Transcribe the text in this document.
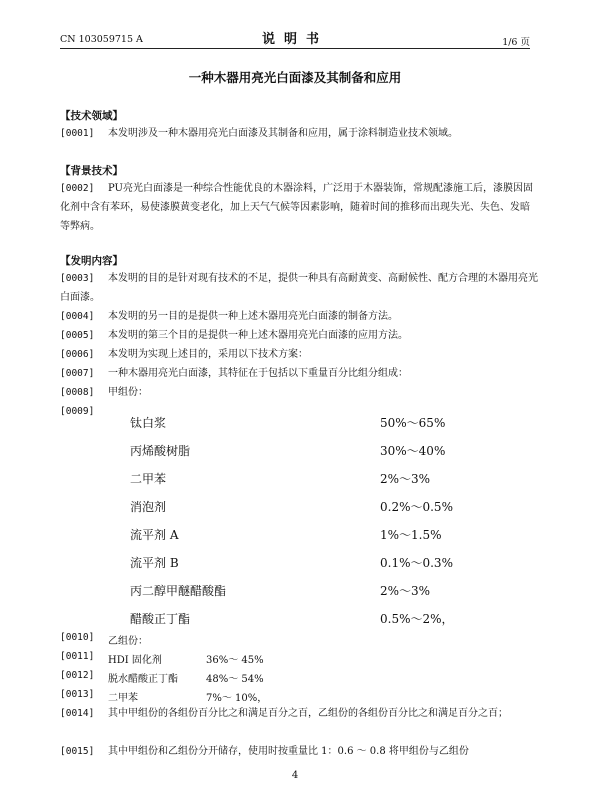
CN 103059715 A	说明书	1/6 页
一种木器用亮光白面漆及其制备和应用
【技术领域】
[0001]	本发明涉及一种木器用亮光白面漆及其制备和应用，属于涂料制造业技术领域。
【背景技术】
[0002]	PU亮光白面漆是一种综合性能优良的木器涂料，广泛用于木器装饰，常规配漆施工后，漆膜因固化剂中含有苯环，易使漆膜黄变老化，加上天气气候等因素影响，随着时间的推移而出现失光、失色、发暗等弊病。
【发明内容】
[0003]	本发明的目的是针对现有技术的不足，提供一种具有高耐黄变、高耐候性、配方合理的木器用亮光白面漆。
[0004]	本发明的另一目的是提供一种上述木器用亮光白面漆的制备方法。
[0005]	本发明的第三个目的是提供一种上述木器用亮光白面漆的应用方法。
[0006]	本发明为实现上述目的，采用以下技术方案：
[0007]	一种木器用亮光白面漆，其特征在于包括以下重量百分比组分组成：
[0008]	甲组份：
[0009]
钛白浆	50%～65%
丙烯酸树脂	30%～40%
二甲苯	2%～3%
消泡剂	0.2%～0.5%
流平剂 A	1%～1.5%
流平剂 B	0.1%～0.3%
丙二醇甲醚醋酸酯	2%～3%
醋酸正丁酯	0.5%～2%，
[0010] 乙组份：
[0011] HDI 固化剂	36%～ 45%
[0012] 脱水醋酸正丁酯	48%～ 54%
[0013] 二甲苯	7%～ 10%，
[0014]	其中甲组份的各组份百分比之和满足百分之百，乙组份的各组份百分比之和满足百分之百；
[0015]	其中甲组份和乙组份分开储存，使用时按重量比 1：0.6 ～ 0.8 将甲组份与乙组份
4
